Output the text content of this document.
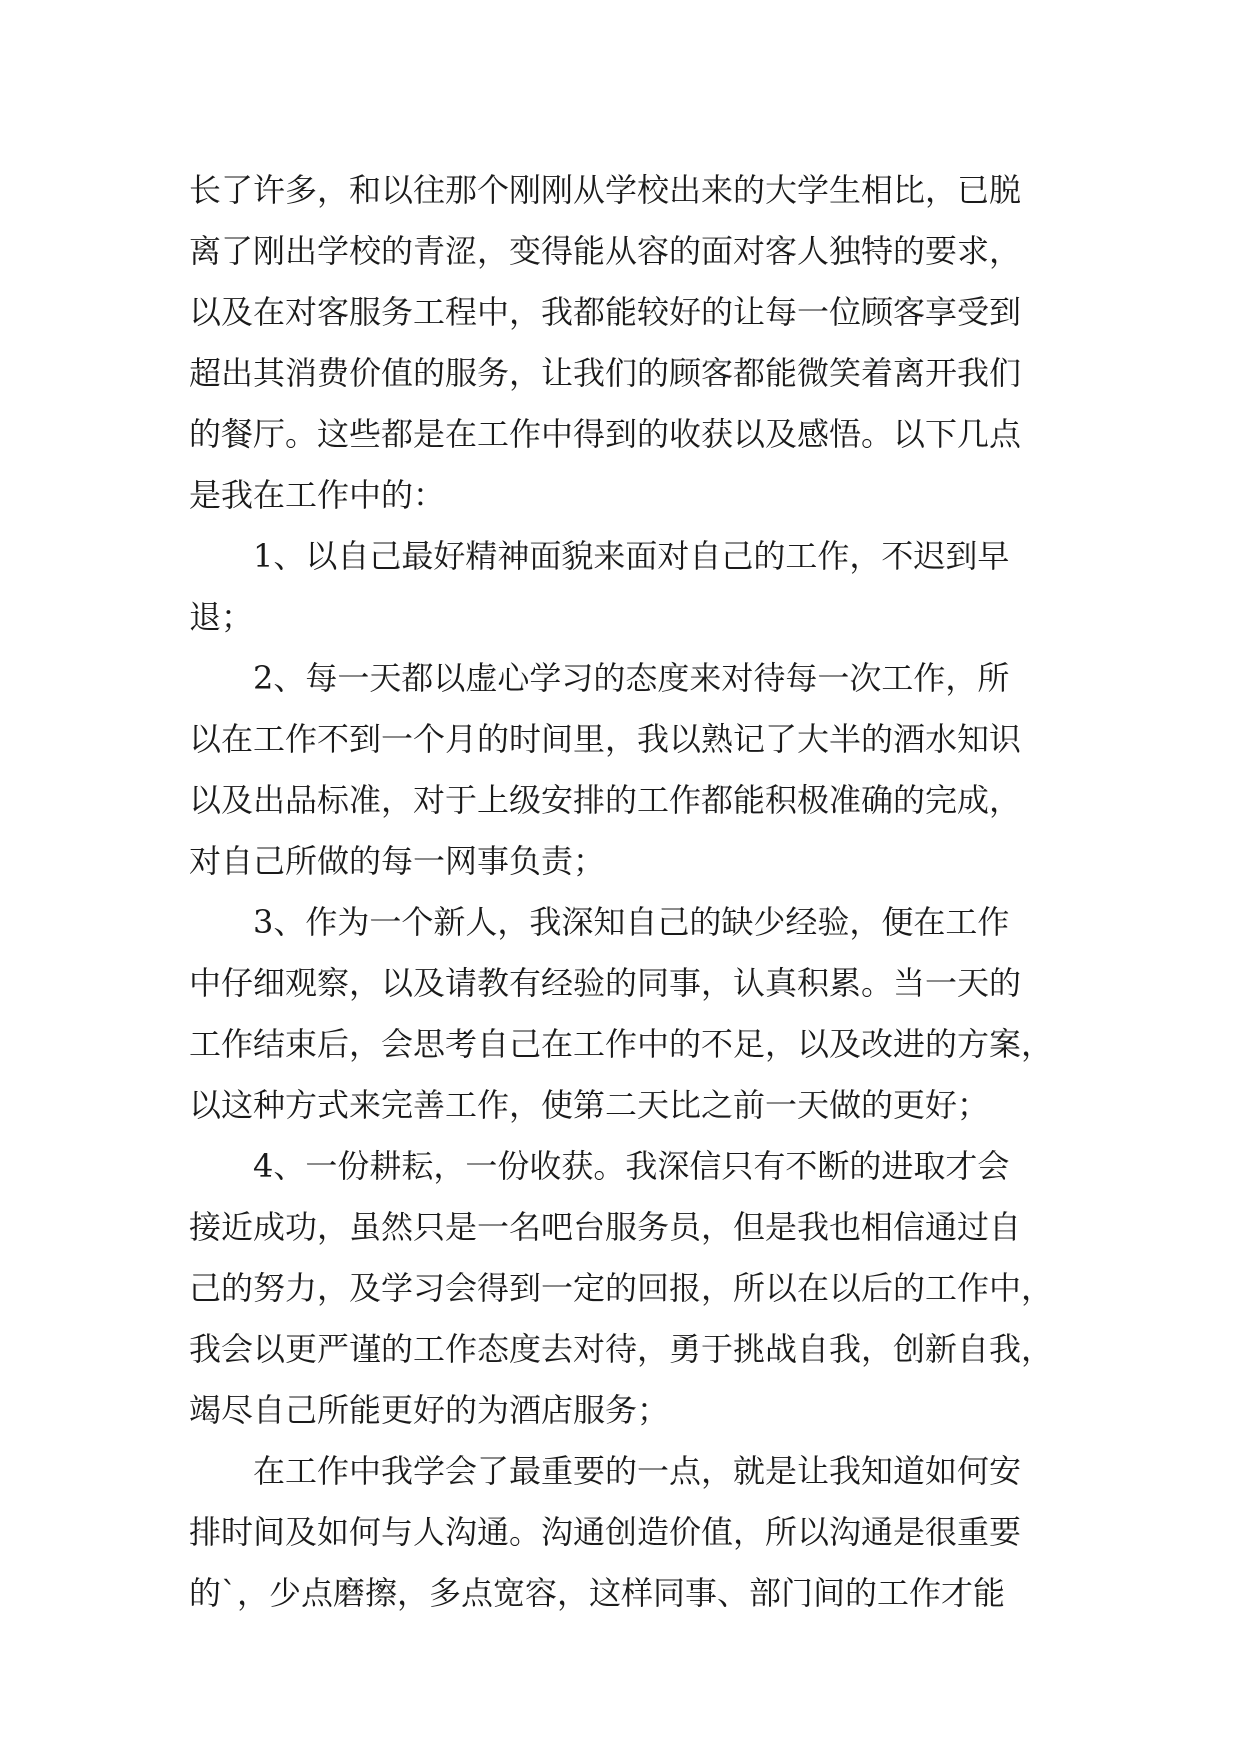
长了许多，和以往那个刚刚从学校出来的大学生相比，已脱
离了刚出学校的青涩，变得能从容的面对客人独特的要求，
以及在对客服务工程中，我都能较好的让每一位顾客享受到
超出其消费价值的服务，让我们的顾客都能微笑着离开我们
的餐厅。这些都是在工作中得到的收获以及感悟。以下几点
是我在工作中的：
1、以自己最好精神面貌来面对自己的工作，不迟到早
退；
2、每一天都以虚心学习的态度来对待每一次工作，所
以在工作不到一个月的时间里，我以熟记了大半的酒水知识
以及出品标准，对于上级安排的工作都能积极准确的完成，
对自己所做的每一网事负责；
3、作为一个新人，我深知自己的缺少经验，便在工作
中仔细观察，以及请教有经验的同事，认真积累。当一天的
工作结束后，会思考自己在工作中的不足，以及改进的方案，
以这种方式来完善工作，使第二天比之前一天做的更好；
4、一份耕耘，一份收获。我深信只有不断的进取才会
接近成功，虽然只是一名吧台服务员，但是我也相信通过自
己的努力，及学习会得到一定的回报，所以在以后的工作中，
我会以更严谨的工作态度去对待，勇于挑战自我，创新自我，
竭尽自己所能更好的为酒店服务；
在工作中我学会了最重要的一点，就是让我知道如何安
排时间及如何与人沟通。沟通创造价值，所以沟通是很重要
的`，少点磨擦，多点宽容，这样同事、部门间的工作才能
